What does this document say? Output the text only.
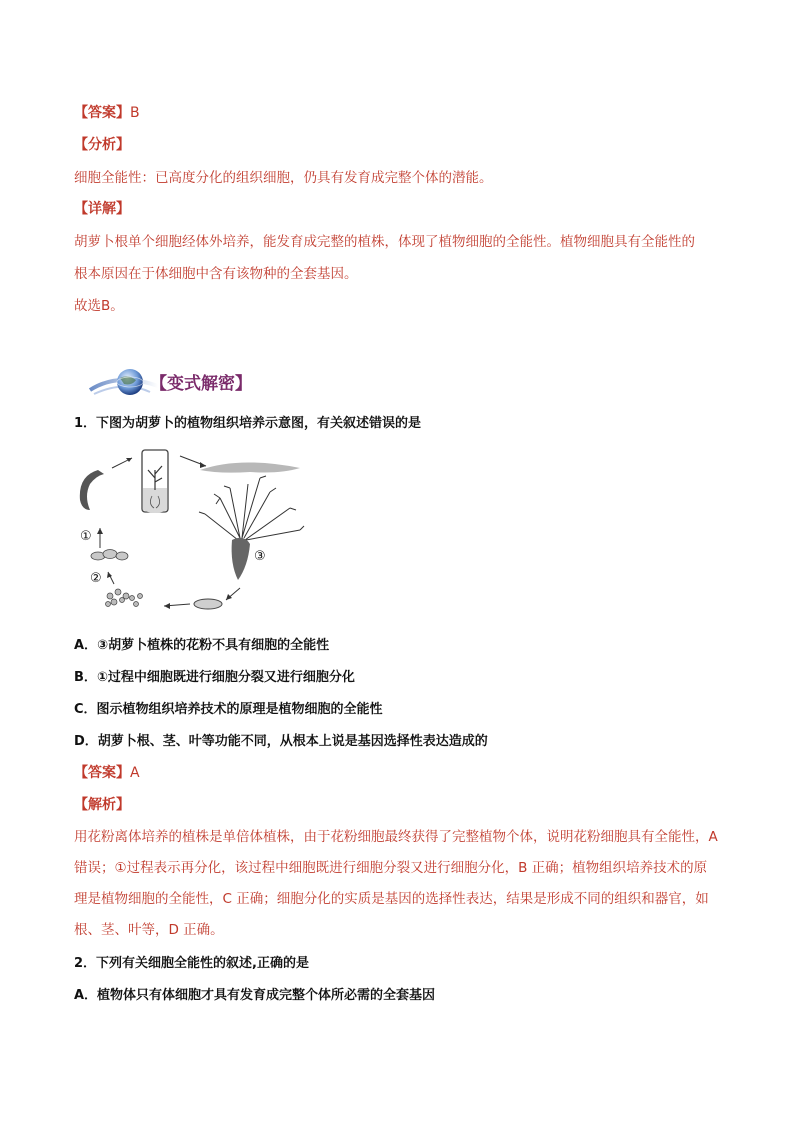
【答案】B
【分析】
细胞全能性：已高度分化的组织细胞，仍具有发育成完整个体的潜能。
【详解】
胡萝卜根单个细胞经体外培养，能发育成完整的植株，体现了植物细胞的全能性。植物细胞具有全能性的
根本原因在于体细胞中含有该物种的全套基因。
故选B。
【变式解密】
1．下图为胡萝卜的植物组织培养示意图，有关叙述错误的是
③
②
①
A．③胡萝卜植株的花粉不具有细胞的全能性
B．①过程中细胞既进行细胞分裂又进行细胞分化
C．图示植物组织培养技术的原理是植物细胞的全能性
D．胡萝卜根、茎、叶等功能不同，从根本上说是基因选择性表达造成的
【答案】A
【解析】
用花粉离体培养的植株是单倍体植株，由于花粉细胞最终获得了完整植物个体，说明花粉细胞具有全能性，A
错误；①过程表示再分化，该过程中细胞既进行细胞分裂又进行细胞分化，B 正确；植物组织培养技术的原
理是植物细胞的全能性，C 正确；细胞分化的实质是基因的选择性表达，结果是形成不同的组织和器官，如
根、茎、叶等，D 正确。
2．下列有关细胞全能性的叙述,正确的是
A．植物体只有体细胞才具有发育成完整个体所必需的全套基因
